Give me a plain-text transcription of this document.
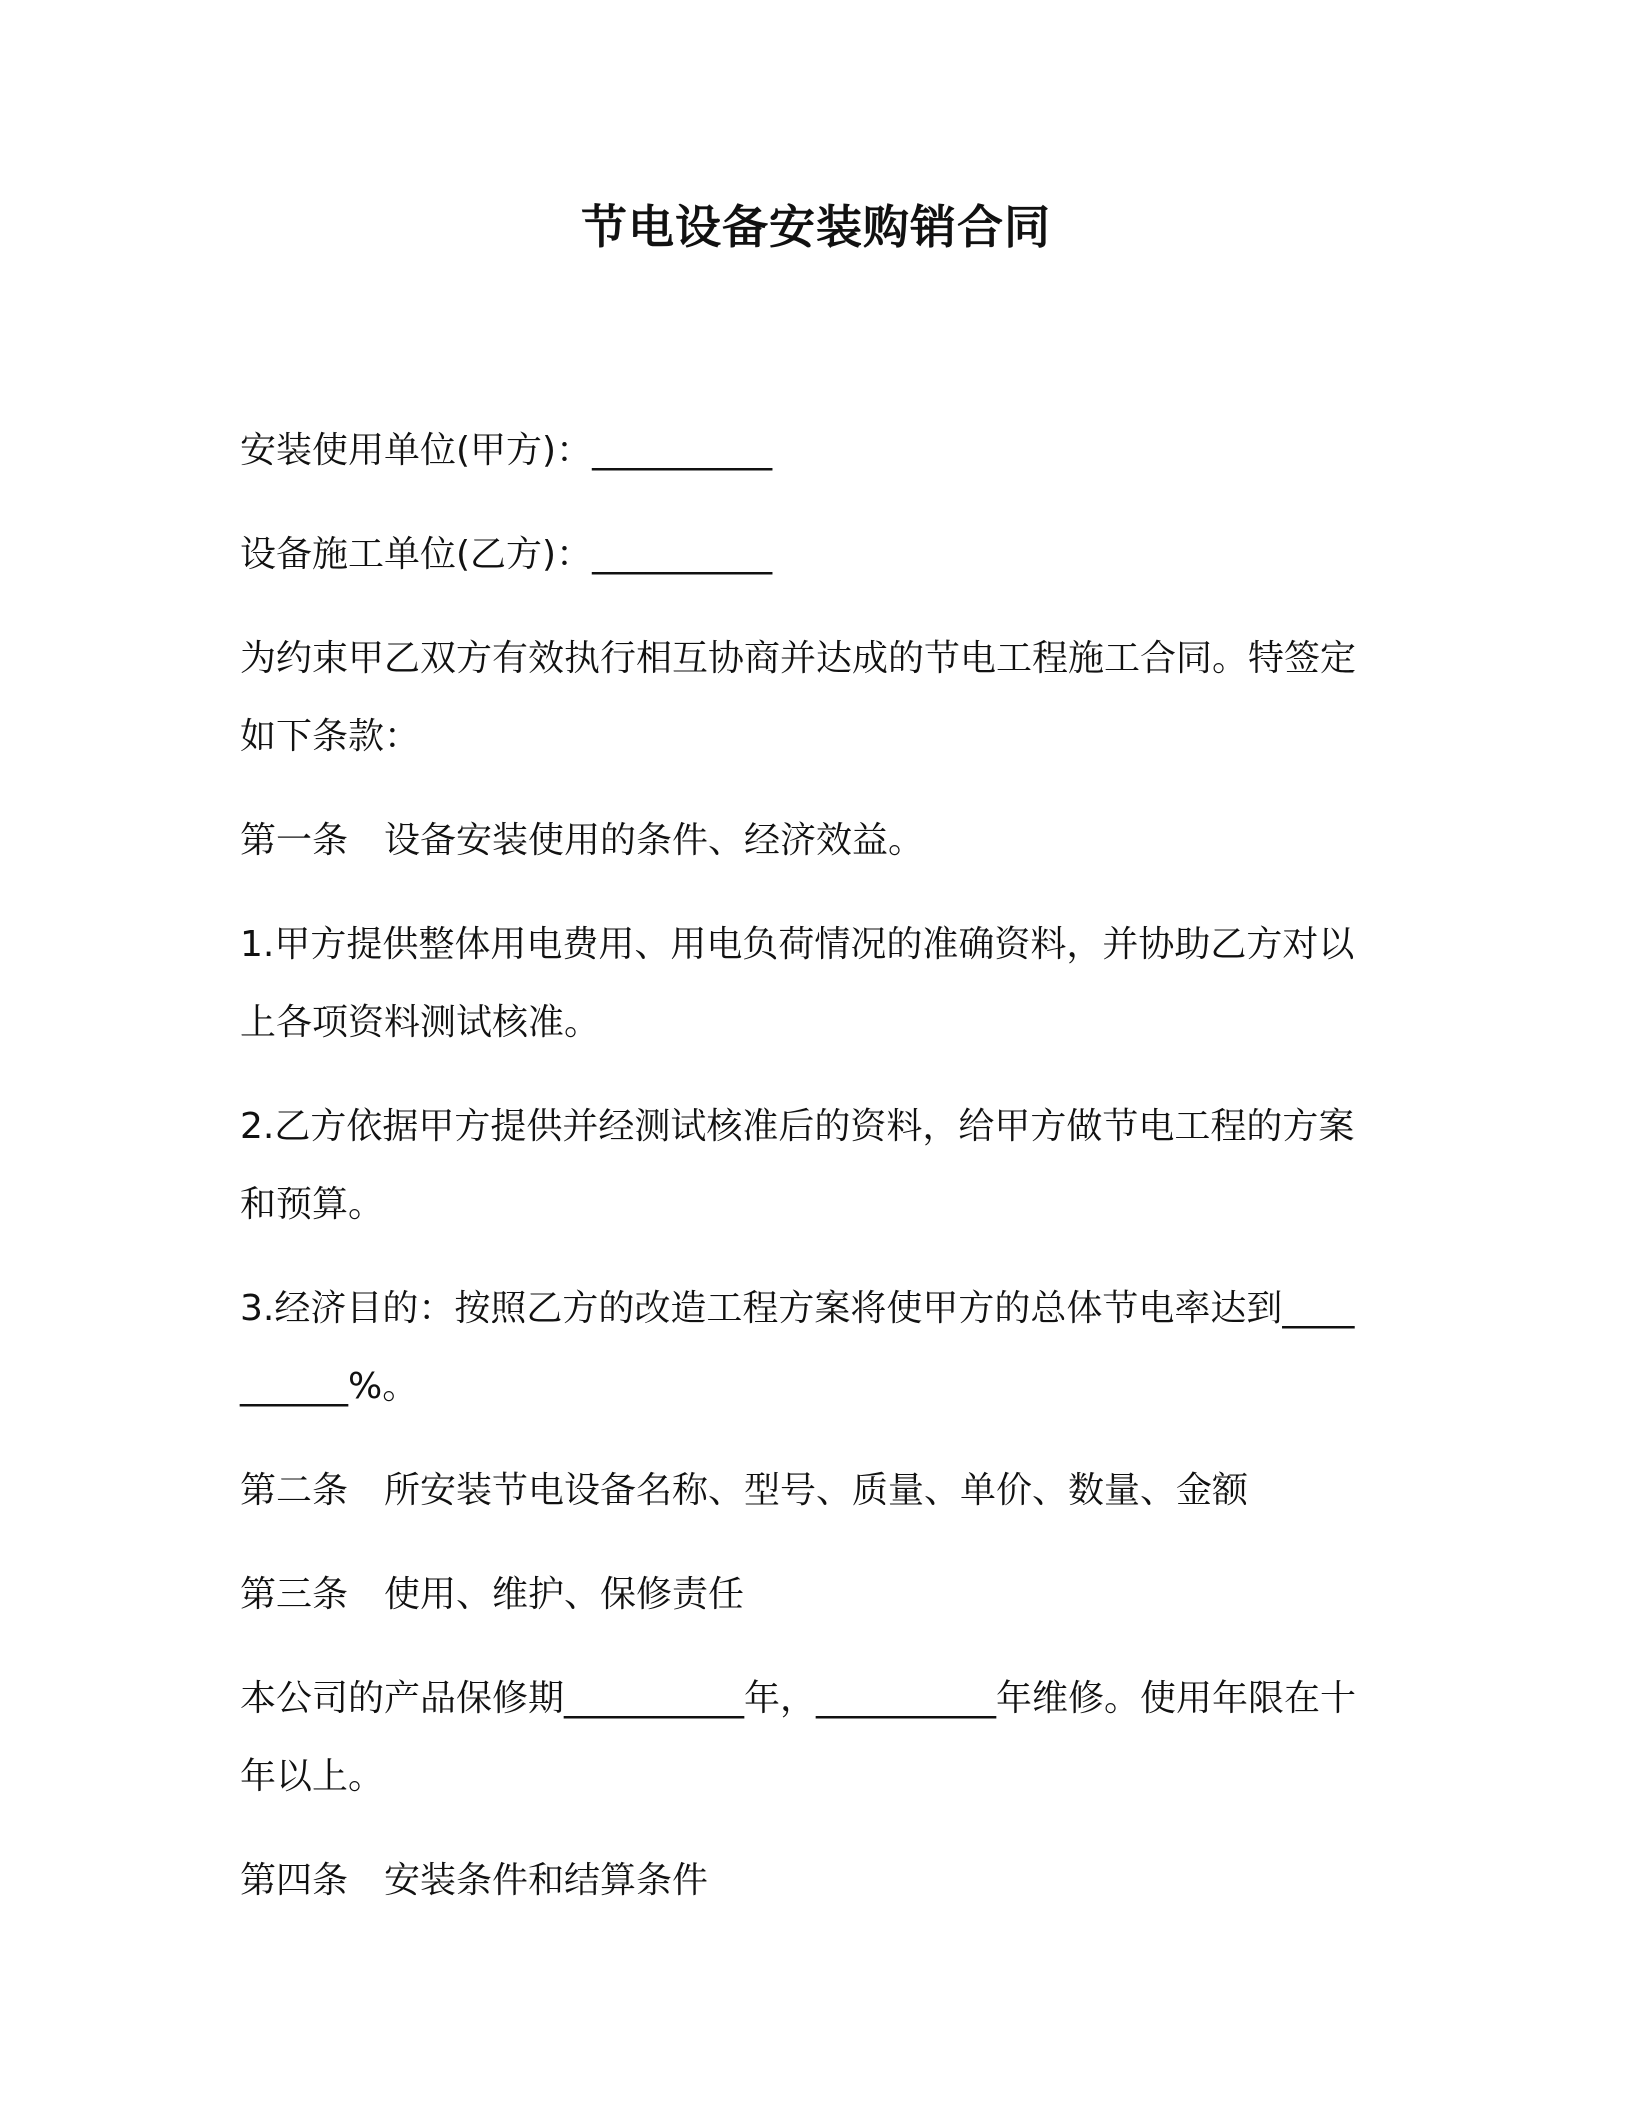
节电设备安装购销合同

安装使用单位(甲方)：__________

设备施工单位(乙方)：__________

为约束甲乙双方有效执行相互协商并达成的节电工程施工合同。特签定如下条款：

第一条　设备安装使用的条件、经济效益。

1.甲方提供整体用电费用、用电负荷情况的准确资料，并协助乙方对以上各项资料测试核准。

2.乙方依据甲方提供并经测试核准后的资料，给甲方做节电工程的方案和预算。

3.经济目的：按照乙方的改造工程方案将使甲方的总体节电率达到__________%。

第二条　所安装节电设备名称、型号、质量、单价、数量、金额

第三条　使用、维护、保修责任

本公司的产品保修期__________年，__________年维修。使用年限在十年以上。

第四条　安装条件和结算条件
